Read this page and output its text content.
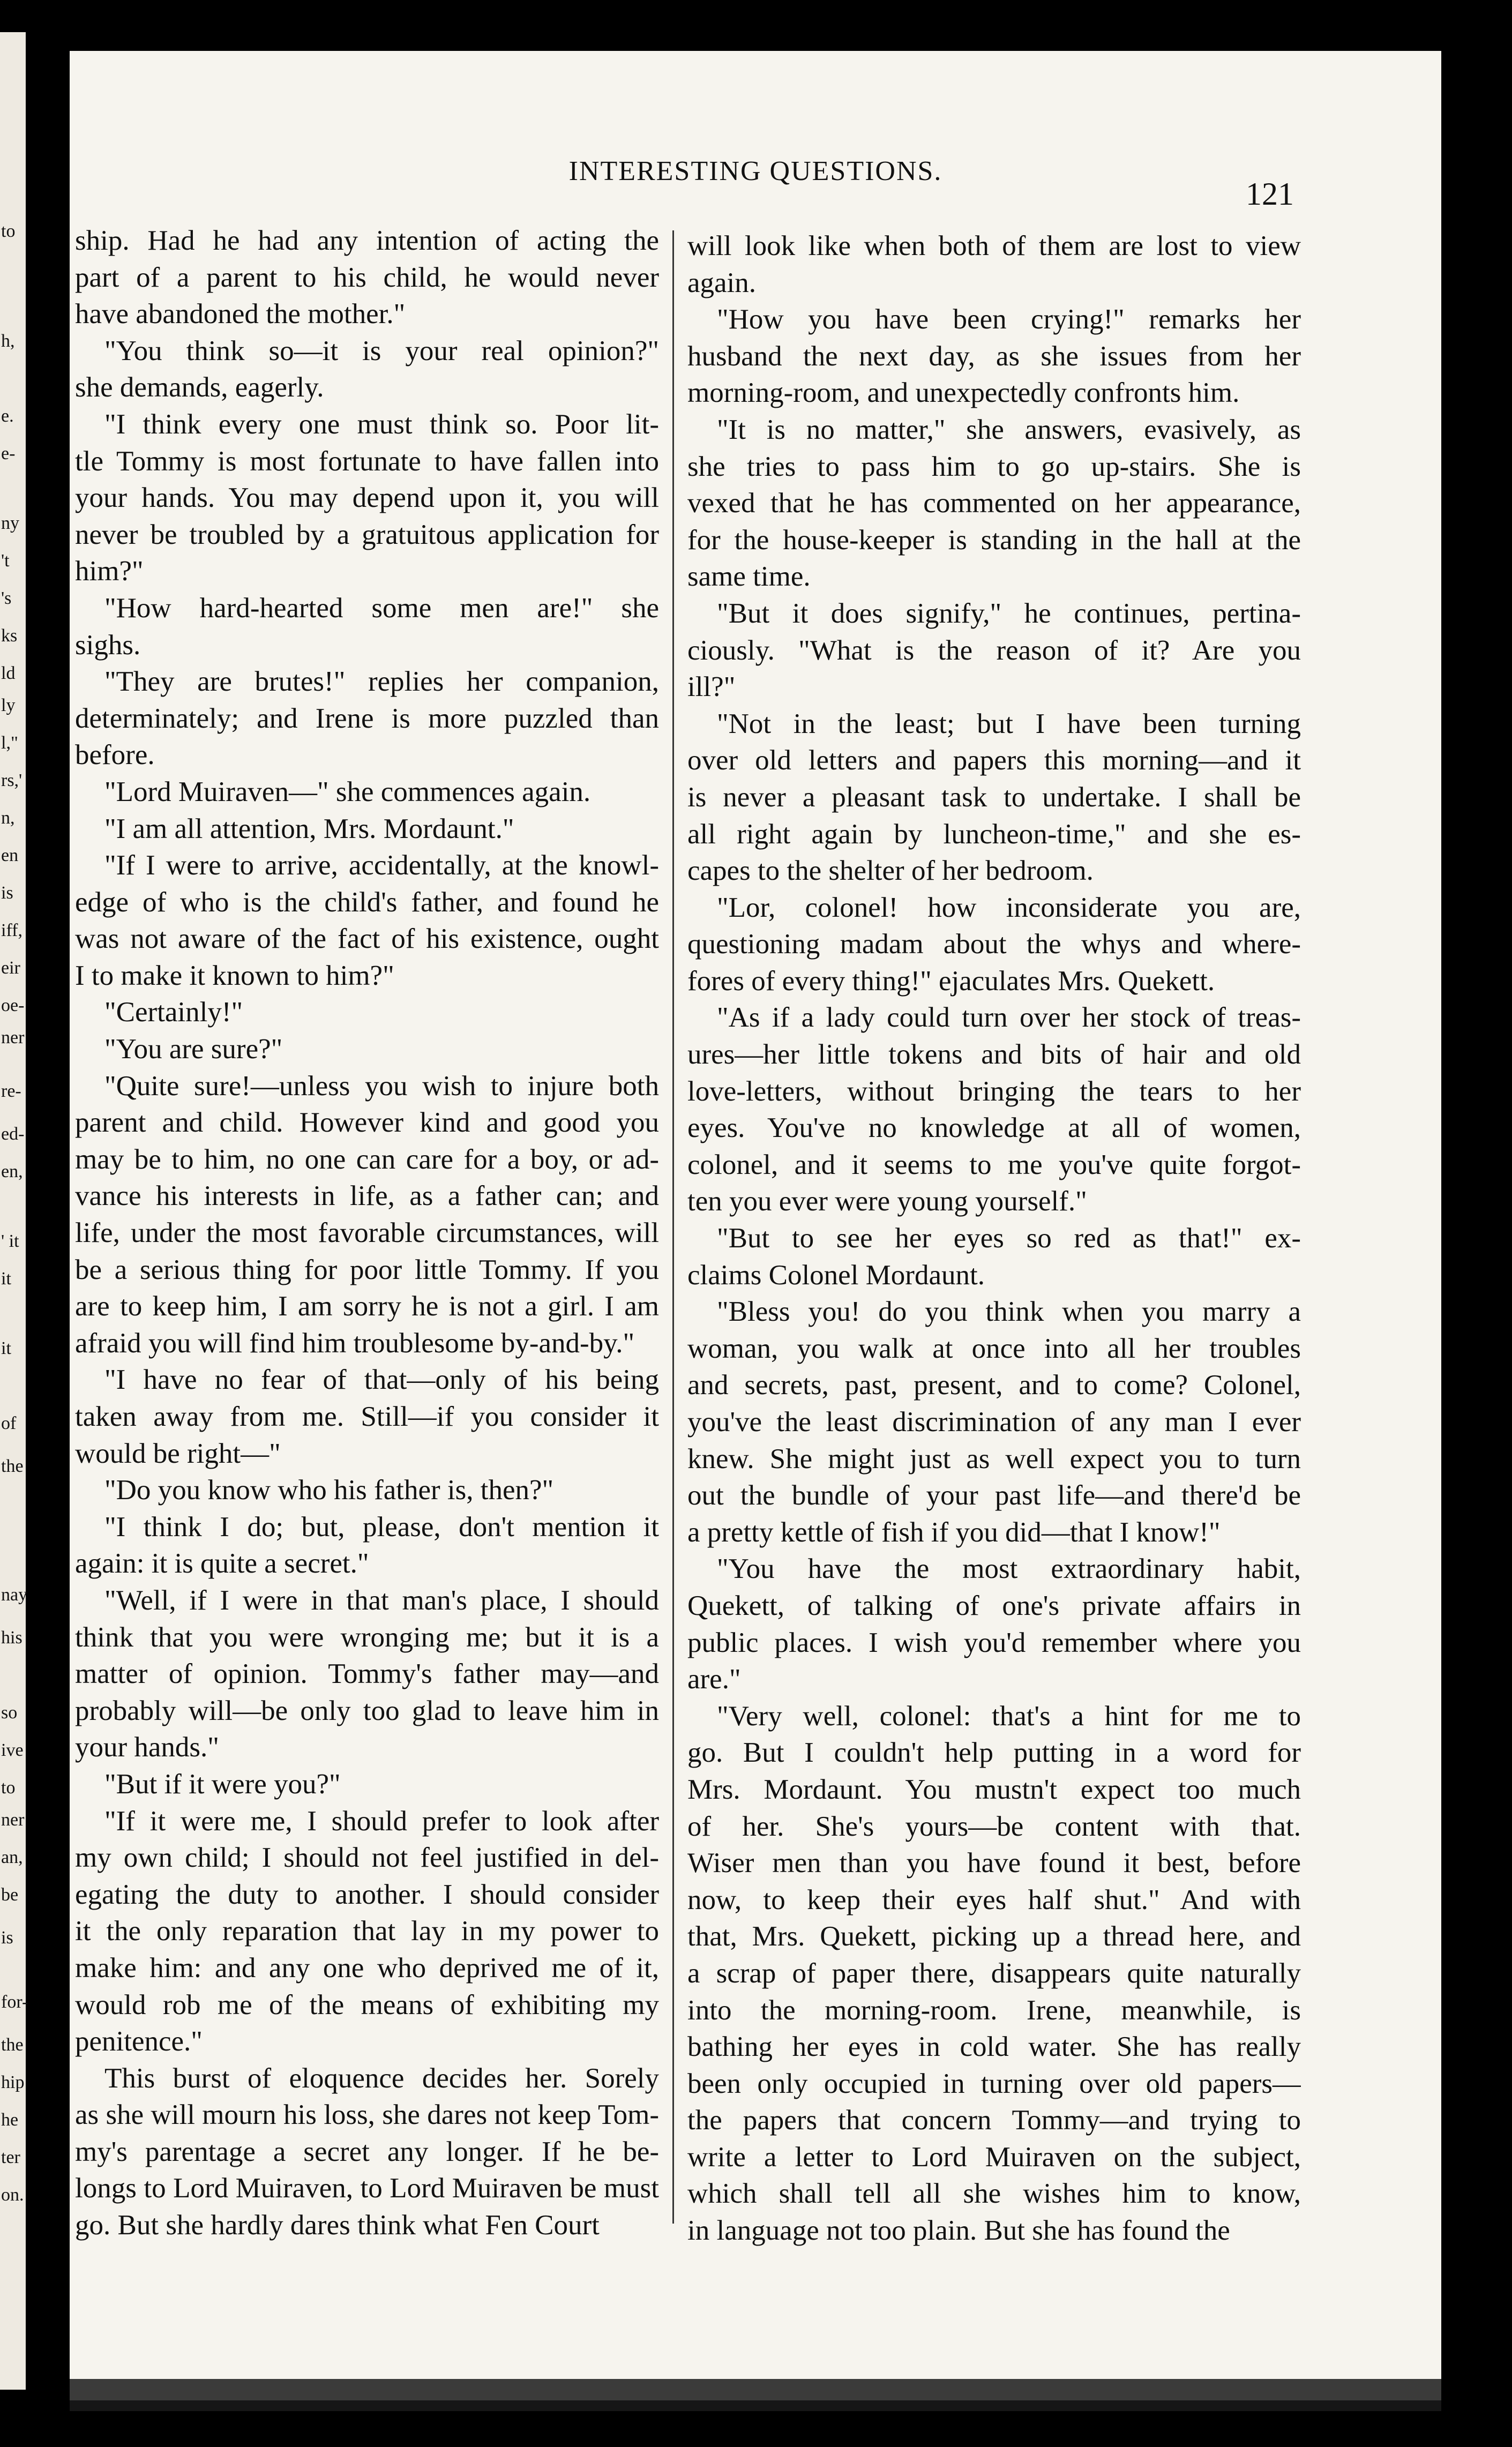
to
h,
e.
e-
ny
't
's
ks
ld
ly
l,"
rs,'
n,
en
is
iff,
eir
oe-
ner
re-
ed-
en,
' it
it
it
of
the
nay
his
so
ive
to
ner
an,
be
is
for-
the
hip
he
ter
on.
INTERESTING QUESTIONS.
121
ship. Had he had any intention of acting the
part of a parent to his child, he would never
have abandoned the mother."
"You think so—it is your real opinion?"
she demands, eagerly.
"I think every one must think so. Poor lit-
tle Tommy is most fortunate to have fallen into
your hands. You may depend upon it, you will
never be troubled by a gratuitous application for
him?"
"How hard-hearted some men are!" she
sighs.
"They are brutes!" replies her companion,
determinately; and Irene is more puzzled than
before.
"Lord Muiraven—" she commences again.
"I am all attention, Mrs. Mordaunt."
"If I were to arrive, accidentally, at the knowl-
edge of who is the child's father, and found he
was not aware of the fact of his existence, ought
I to make it known to him?"
"Certainly!"
"You are sure?"
"Quite sure!—unless you wish to injure both
parent and child. However kind and good you
may be to him, no one can care for a boy, or ad-
vance his interests in life, as a father can; and
life, under the most favorable circumstances, will
be a serious thing for poor little Tommy. If you
are to keep him, I am sorry he is not a girl. I am
afraid you will find him troublesome by-and-by."
"I have no fear of that—only of his being
taken away from me. Still—if you consider it
would be right—"
"Do you know who his father is, then?"
"I think I do; but, please, don't mention it
again: it is quite a secret."
"Well, if I were in that man's place, I should
think that you were wronging me; but it is a
matter of opinion. Tommy's father may—and
probably will—be only too glad to leave him in
your hands."
"But if it were you?"
"If it were me, I should prefer to look after
my own child; I should not feel justified in del-
egating the duty to another. I should consider
it the only reparation that lay in my power to
make him: and any one who deprived me of it,
would rob me of the means of exhibiting my
penitence."
This burst of eloquence decides her. Sorely
as she will mourn his loss, she dares not keep Tom-
my's parentage a secret any longer. If he be-
longs to Lord Muiraven, to Lord Muiraven be must
go. But she hardly dares think what Fen Court
will look like when both of them are lost to view
again.
"How you have been crying!" remarks her
husband the next day, as she issues from her
morning-room, and unexpectedly confronts him.
"It is no matter," she answers, evasively, as
she tries to pass him to go up-stairs. She is
vexed that he has commented on her appearance,
for the house-keeper is standing in the hall at the
same time.
"But it does signify," he continues, pertina-
ciously. "What is the reason of it? Are you
ill?"
"Not in the least; but I have been turning
over old letters and papers this morning—and it
is never a pleasant task to undertake. I shall be
all right again by luncheon-time," and she es-
capes to the shelter of her bedroom.
"Lor, colonel! how inconsiderate you are,
questioning madam about the whys and where-
fores of every thing!" ejaculates Mrs. Quekett.
"As if a lady could turn over her stock of treas-
ures—her little tokens and bits of hair and old
love-letters, without bringing the tears to her
eyes. You've no knowledge at all of women,
colonel, and it seems to me you've quite forgot-
ten you ever were young yourself."
"But to see her eyes so red as that!" ex-
claims Colonel Mordaunt.
"Bless you! do you think when you marry a
woman, you walk at once into all her troubles
and secrets, past, present, and to come? Colonel,
you've the least discrimination of any man I ever
knew. She might just as well expect you to turn
out the bundle of your past life—and there'd be
a pretty kettle of fish if you did—that I know!"
"You have the most extraordinary habit,
Quekett, of talking of one's private affairs in
public places. I wish you'd remember where you
are."
"Very well, colonel: that's a hint for me to
go. But I couldn't help putting in a word for
Mrs. Mordaunt. You mustn't expect too much
of her. She's yours—be content with that.
Wiser men than you have found it best, before
now, to keep their eyes half shut." And with
that, Mrs. Quekett, picking up a thread here, and
a scrap of paper there, disappears quite naturally
into the morning-room. Irene, meanwhile, is
bathing her eyes in cold water. She has really
been only occupied in turning over old papers—
the papers that concern Tommy—and trying to
write a letter to Lord Muiraven on the subject,
which shall tell all she wishes him to know,
in language not too plain. But she has found the
